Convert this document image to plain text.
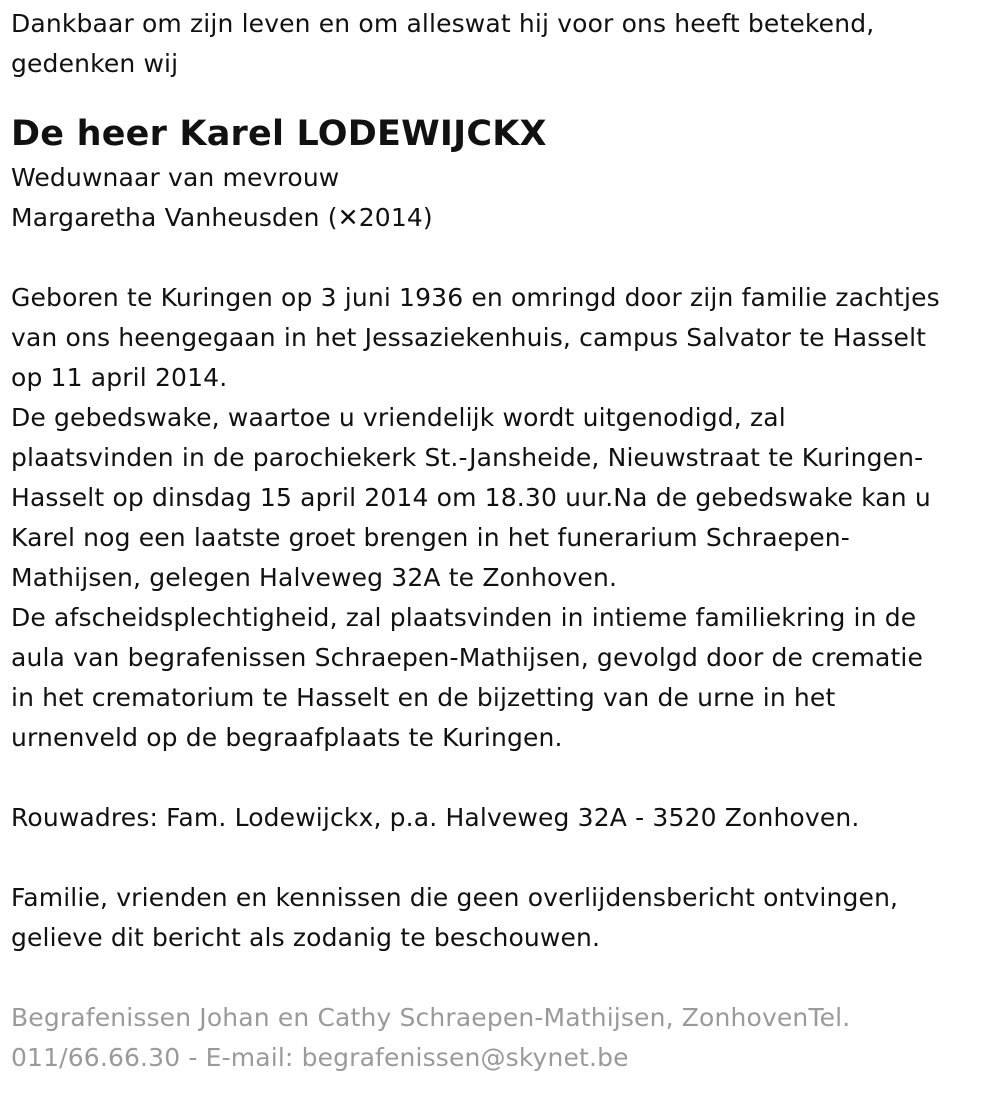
Dankbaar om zijn leven en om alleswat hij voor ons heeft betekend,
gedenken wij
De heer Karel LODEWIJCKX
Weduwnaar van mevrouw
Margaretha Vanheusden (✕2014)
Geboren te Kuringen op 3 juni 1936 en omringd door zijn familie zachtjes
van ons heengegaan in het Jessaziekenhuis, campus Salvator te Hasselt
op 11 april 2014.
De gebedswake, waartoe u vriendelijk wordt uitgenodigd, zal
plaatsvinden in de parochiekerk St.-Jansheide, Nieuwstraat te Kuringen-
Hasselt op dinsdag 15 april 2014 om 18.30 uur.Na de gebedswake kan u
Karel nog een laatste groet brengen in het funerarium Schraepen-
Mathijsen, gelegen Halveweg 32A te Zonhoven.
De afscheidsplechtigheid, zal plaatsvinden in intieme familiekring in de
aula van begrafenissen Schraepen-Mathijsen, gevolgd door de crematie
in het crematorium te Hasselt en de bijzetting van de urne in het
urnenveld op de begraafplaats te Kuringen.
Rouwadres: Fam. Lodewijckx, p.a. Halveweg 32A - 3520 Zonhoven.
Familie, vrienden en kennissen die geen overlijdensbericht ontvingen,
gelieve dit bericht als zodanig te beschouwen.
Begrafenissen Johan en Cathy Schraepen-Mathijsen, ZonhovenTel.
011/66.66.30 - E-mail: begrafenissen@skynet.be
